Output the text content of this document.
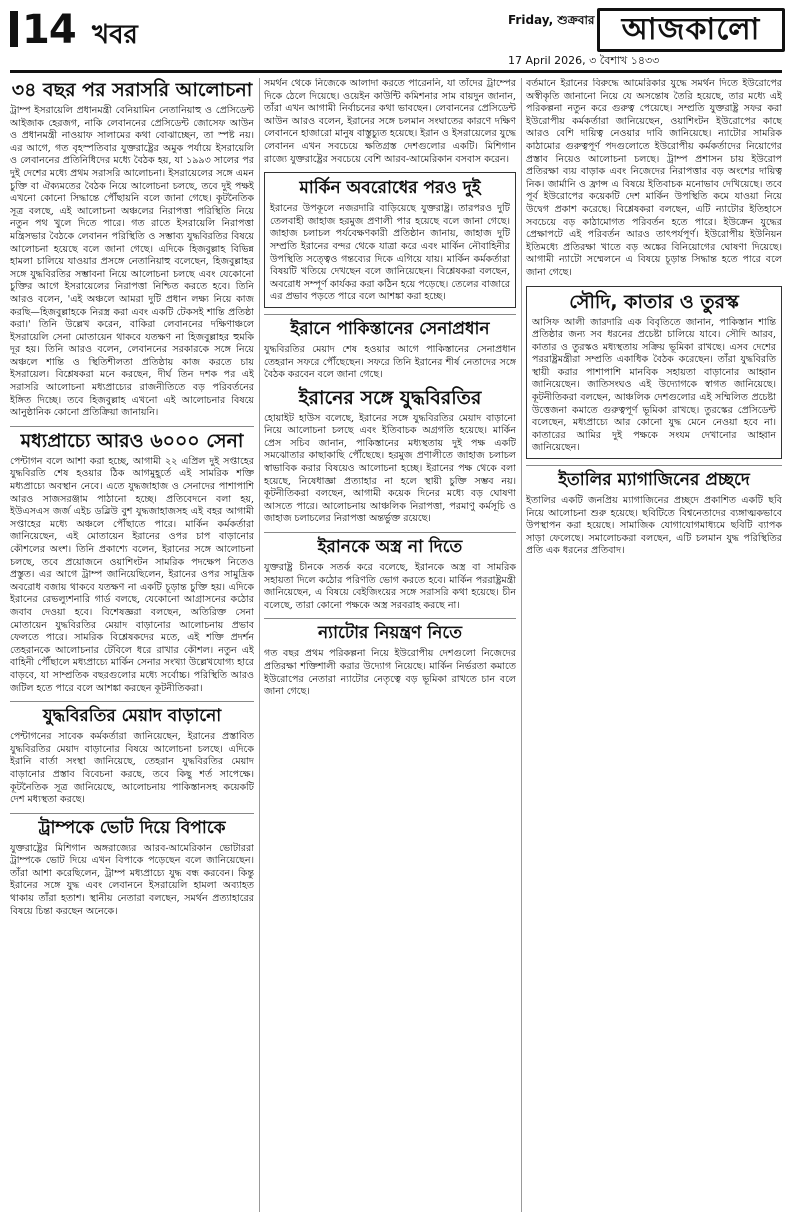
14 খবর	Friday, শুক্রবার
17 April 2026, ৩ বৈশাখ ১৪৩৩
আজকালো
৩৪ বছর পর সরাসরি আলোচনা

ট্রাম্প ইসরায়েলি প্রধানমন্ত্রী বেনিয়ামিন নেতানিয়াহু ও প্রেসিডেন্ট আইজাক হেরজগ, নাকি লেবাননের প্রেসিডেন্ট জোসেফ আউন ও প্রধানমন্ত্রী নাওয়াফ সালামের কথা বোঝাচ্ছেন, তা স্পষ্ট নয়। এর আগে, গত বৃহস্পতিবার যুক্তরাষ্ট্রের অমুক পর্যায়ে ইসরায়েলি ও লেবাননের প্রতিনিধিদের মধ্যে বৈঠক হয়, যা ১৯৯৩ সালের পর দুই দেশের মধ্যে প্রথম সরাসরি আলোচনা। ইসরায়েলের সঙ্গে এমন চুক্তি বা ঐক্যমতের বৈঠক নিয়ে আলোচনা চলছে, তবে দুই পক্ষই এখনো কোনো সিদ্ধান্তে পৌঁছায়নি বলে জানা গেছে। কূটনৈতিক সূত্র বলছে, এই আলোচনা অঞ্চলের নিরাপত্তা পরিস্থিতি নিয়ে নতুন পথ খুলে দিতে পারে। গত রাতে ইসরায়েলি নিরাপত্তা মন্ত্রিসভার বৈঠকে লেবানন পরিস্থিতি ও সম্ভাব্য যুদ্ধবিরতির বিষয়ে আলোচনা হয়েছে বলে জানা গেছে। এদিকে হিজবুল্লাহ বিভিন্ন হামলা চালিয়ে যাওয়ার প্রসঙ্গে নেতানিয়াহু বলেছেন, হিজবুল্লাহর সঙ্গে যুদ্ধবিরতির সম্ভাবনা নিয়ে আলোচনা চলছে এবং যেকোনো চুক্তির আগে ইসরায়েলের নিরাপত্তা নিশ্চিত করতে হবে। তিনি আরও বলেন, 'এই অঞ্চলে আমরা দুটি প্রধান লক্ষ্য নিয়ে কাজ করছি—হিজবুল্লাহকে নিরস্ত্র করা এবং একটি টেকসই শান্তি প্রতিষ্ঠা করা।' তিনি উল্লেখ করেন, বাকিরা লেবাননের দক্ষিণাঞ্চলে ইসরায়েলি সেনা মোতায়েন থাকবে যতক্ষণ না হিজবুল্লাহর হুমকি দূর হয়। তিনি আরও বলেন, লেবাননের সরকারকে সঙ্গে নিয়ে অঞ্চলে শান্তি ও স্থিতিশীলতা প্রতিষ্ঠায় কাজ করতে চায় ইসরায়েল। বিশ্লেষকরা মনে করছেন, দীর্ঘ তিন দশক পর এই সরাসরি আলোচনা মধ্যপ্রাচ্যের রাজনীতিতে বড় পরিবর্তনের ইঙ্গিত দিচ্ছে। তবে হিজবুল্লাহ এখনো এই আলোচনার বিষয়ে আনুষ্ঠানিক কোনো প্রতিক্রিয়া জানায়নি।

মধ্যপ্রাচ্যে আরও ৬০০০ সেনা

পেন্টাগন বলে আশা করা হচ্ছে, আগামী ২২ এপ্রিল দুই সপ্তাহের যুদ্ধবিরতি শেষ হওয়ার ঠিক আগমুহূর্তে এই সামরিক শক্তি মধ্যপ্রাচ্যে অবস্থান নেবে। এতে যুদ্ধজাহাজ ও সেনাদের পাশাপাশি আরও সাজসরঞ্জাম পাঠানো হচ্ছে। প্রতিবেদনে বলা হয়, ইউএসএস জর্জ এইচ ডব্লিউ বুশ যুদ্ধজাহাজসহ এই বহর আগামী সপ্তাহের মধ্যে অঞ্চলে পৌঁছাতে পারে। মার্কিন কর্মকর্তারা জানিয়েছেন, এই মোতায়েন ইরানের ওপর চাপ বাড়ানোর কৌশলের অংশ। তিনি প্রকাশ্যে বলেন, ইরানের সঙ্গে আলোচনা চলছে, তবে প্রয়োজনে ওয়াশিংটন সামরিক পদক্ষেপ নিতেও প্রস্তুত। এর আগে ট্রাম্প জানিয়েছিলেন, ইরানের ওপর সামুদ্রিক অবরোধ বজায় থাকবে যতক্ষণ না একটি চূড়ান্ত চুক্তি হয়। এদিকে ইরানের রেভল্যুশনারি গার্ড বলছে, যেকোনো আগ্রাসনের কঠোর জবাব দেওয়া হবে। বিশেষজ্ঞরা বলছেন, অতিরিক্ত সেনা মোতায়েন যুদ্ধবিরতির মেয়াদ বাড়ানোর আলোচনায় প্রভাব ফেলতে পারে। সামরিক বিশ্লেষকদের মতে, এই শক্তি প্রদর্শন তেহরানকে আলোচনার টেবিলে ধরে রাখার কৌশল। নতুন এই বাহিনী পৌঁছালে মধ্যপ্রাচ্যে মার্কিন সেনার সংখ্যা উল্লেখযোগ্য হারে বাড়বে, যা সাম্প্রতিক বছরগুলোর মধ্যে সর্বোচ্চ। পরিস্থিতি আরও জটিল হতে পারে বলে আশঙ্কা করছেন কূটনীতিকরা।

যুদ্ধবিরতির মেয়াদ বাড়ানো

পেন্টাগনের সাবেক কর্মকর্তারা জানিয়েছেন, ইরানের প্রস্তাবিত যুদ্ধবিরতির মেয়াদ বাড়ানোর বিষয়ে আলোচনা চলছে। এদিকে ইরানি বার্তা সংস্থা জানিয়েছে, তেহরান যুদ্ধবিরতির মেয়াদ বাড়ানোর প্রস্তাব বিবেচনা করছে, তবে কিছু শর্ত সাপেক্ষে। কূটনৈতিক সূত্র জানিয়েছে, আলোচনায় পাকিস্তানসহ কয়েকটি দেশ মধ্যস্থতা করছে।

ট্রাম্পকে ভোট দিয়ে বিপাকে

যুক্তরাষ্ট্রের মিশিগান অঙ্গরাজ্যের আরব-আমেরিকান ভোটাররা ট্রাম্পকে ভোট দিয়ে এখন বিপাকে পড়েছেন বলে জানিয়েছেন। তাঁরা আশা করেছিলেন, ট্রাম্প মধ্যপ্রাচ্যে যুদ্ধ বন্ধ করবেন। কিন্তু ইরানের সঙ্গে যুদ্ধ এবং লেবাননে ইসরায়েলি হামলা অব্যাহত থাকায় তাঁরা হতাশ। স্থানীয় নেতারা বলছেন, সমর্থন প্রত্যাহারের বিষয়ে চিন্তা করছেন অনেকে।

সমর্থন থেকে নিজেকে আলাদা করতে পারেননি, যা তাঁদের ট্রাম্পের দিকে ঠেলে দিয়েছে। ওয়েইন কাউন্টি কমিশনার সাম বায়দুন জানান, তাঁরা এখন আগামী নির্বাচনের কথা ভাবছেন। লেবাননের প্রেসিডেন্ট আউন আরও বলেন, ইরানের সঙ্গে চলমান সংঘাতের কারণে দক্ষিণ লেবাননে হাজারো মানুষ বাস্তুচ্যুত হয়েছে। ইরান ও ইসরায়েলের যুদ্ধে লেবানন এখন সবচেয়ে ক্ষতিগ্রস্ত দেশগুলোর একটি। মিশিগান রাজ্যে যুক্তরাষ্ট্রের সবচেয়ে বেশি আরব-আমেরিকান বসবাস করেন।

মার্কিন অবরোধের পরও দুই

ইরানের উপকূলে নজরদারি বাড়িয়েছে যুক্তরাষ্ট্র। তারপরও দুটি তেলবাহী জাহাজ হরমুজ প্রণালী পার হয়েছে বলে জানা গেছে। জাহাজ চলাচল পর্যবেক্ষণকারী প্রতিষ্ঠান জানায়, জাহাজ দুটি সম্প্রতি ইরানের বন্দর থেকে যাত্রা করে এবং মার্কিন নৌবাহিনীর উপস্থিতি সত্ত্বেও গন্তব্যের দিকে এগিয়ে যায়। মার্কিন কর্মকর্তারা বিষয়টি খতিয়ে দেখছেন বলে জানিয়েছেন। বিশ্লেষকরা বলছেন, অবরোধ সম্পূর্ণ কার্যকর করা কঠিন হয়ে পড়েছে। তেলের বাজারে এর প্রভাব পড়তে পারে বলে আশঙ্কা করা হচ্ছে।

ইরানে পাকিস্তানের সেনাপ্রধান

যুদ্ধবিরতির মেয়াদ শেষ হওয়ার আগে পাকিস্তানের সেনাপ্রধান তেহরান সফরে পৌঁছেছেন। সফরে তিনি ইরানের শীর্ষ নেতাদের সঙ্গে বৈঠক করবেন বলে জানা গেছে।

ইরানের সঙ্গে যুদ্ধবিরতির

হোয়াইট হাউস বলেছে, ইরানের সঙ্গে যুদ্ধবিরতির মেয়াদ বাড়ানো নিয়ে আলোচনা চলছে এবং ইতিবাচক অগ্রগতি হয়েছে। মার্কিন প্রেস সচিব জানান, পাকিস্তানের মধ্যস্থতায় দুই পক্ষ একটি সমঝোতার কাছাকাছি পৌঁছেছে। হরমুজ প্রণালীতে জাহাজ চলাচল স্বাভাবিক করার বিষয়েও আলোচনা হচ্ছে। ইরানের পক্ষ থেকে বলা হয়েছে, নিষেধাজ্ঞা প্রত্যাহার না হলে স্থায়ী চুক্তি সম্ভব নয়। কূটনীতিকরা বলছেন, আগামী কয়েক দিনের মধ্যে বড় ঘোষণা আসতে পারে। আলোচনায় আঞ্চলিক নিরাপত্তা, পরমাণু কর্মসূচি ও জাহাজ চলাচলের নিরাপত্তা অন্তর্ভুক্ত রয়েছে।

ইরানকে অস্ত্র না দিতে

যুক্তরাষ্ট্র চীনকে সতর্ক করে বলেছে, ইরানকে অস্ত্র বা সামরিক সহায়তা দিলে কঠোর পরিণতি ভোগ করতে হবে। মার্কিন পররাষ্ট্রমন্ত্রী জানিয়েছেন, এ বিষয়ে বেইজিংয়ের সঙ্গে সরাসরি কথা হয়েছে। চীন বলেছে, তারা কোনো পক্ষকে অস্ত্র সরবরাহ করছে না।

ন্যাটোর নিয়ন্ত্রণ নিতে

গত বছর প্রথম পরিকল্পনা নিয়ে ইউরোপীয় দেশগুলো নিজেদের প্রতিরক্ষা শক্তিশালী করার উদ্যোগ নিয়েছে। মার্কিন নির্ভরতা কমাতে ইউরোপের নেতারা ন্যাটোর নেতৃত্বে বড় ভূমিকা রাখতে চান বলে জানা গেছে।

বর্তমানে ইরানের বিরুদ্ধে আমেরিকার যুদ্ধে সমর্থন দিতে ইউরোপের অস্বীকৃতি জানানো নিয়ে যে অসন্তোষ তৈরি হয়েছে, তার মধ্যে এই পরিকল্পনা নতুন করে গুরুত্ব পেয়েছে। সম্প্রতি যুক্তরাষ্ট্র সফর করা ইউরোপীয় কর্মকর্তারা জানিয়েছেন, ওয়াশিংটন ইউরোপের কাছে আরও বেশি দায়িত্ব নেওয়ার দাবি জানিয়েছে। ন্যাটোর সামরিক কাঠামোর গুরুত্বপূর্ণ পদগুলোতে ইউরোপীয় কর্মকর্তাদের নিয়োগের প্রস্তাব নিয়েও আলোচনা চলছে। ট্রাম্প প্রশাসন চায় ইউরোপ প্রতিরক্ষা ব্যয় বাড়াক এবং নিজেদের নিরাপত্তার বড় অংশের দায়িত্ব নিক। জার্মানি ও ফ্রান্স এ বিষয়ে ইতিবাচক মনোভাব দেখিয়েছে। তবে পূর্ব ইউরোপের কয়েকটি দেশ মার্কিন উপস্থিতি কমে যাওয়া নিয়ে উদ্বেগ প্রকাশ করেছে। বিশ্লেষকরা বলছেন, এটি ন্যাটোর ইতিহাসে সবচেয়ে বড় কাঠামোগত পরিবর্তন হতে পারে। ইউক্রেন যুদ্ধের প্রেক্ষাপটে এই পরিবর্তন আরও তাৎপর্যপূর্ণ। ইউরোপীয় ইউনিয়ন ইতিমধ্যে প্রতিরক্ষা খাতে বড় অঙ্কের বিনিয়োগের ঘোষণা দিয়েছে। আগামী ন্যাটো সম্মেলনে এ বিষয়ে চূড়ান্ত সিদ্ধান্ত হতে পারে বলে জানা গেছে।

সৌদি, কাতার ও তুরস্ক

আসিফ আলী জারদারি এক বিবৃতিতে জানান, পাকিস্তান শান্তি প্রতিষ্ঠার জন্য সব ধরনের প্রচেষ্টা চালিয়ে যাবে। সৌদি আরব, কাতার ও তুরস্কও মধ্যস্থতায় সক্রিয় ভূমিকা রাখছে। এসব দেশের পররাষ্ট্রমন্ত্রীরা সম্প্রতি একাধিক বৈঠক করেছেন। তাঁরা যুদ্ধবিরতি স্থায়ী করার পাশাপাশি মানবিক সহায়তা বাড়ানোর আহ্বান জানিয়েছেন। জাতিসংঘও এই উদ্যোগকে স্বাগত জানিয়েছে। কূটনীতিকরা বলছেন, আঞ্চলিক দেশগুলোর এই সম্মিলিত প্রচেষ্টা উত্তেজনা কমাতে গুরুত্বপূর্ণ ভূমিকা রাখছে। তুরস্কের প্রেসিডেন্ট বলেছেন, মধ্যপ্রাচ্যে আর কোনো যুদ্ধ মেনে নেওয়া হবে না। কাতারের আমির দুই পক্ষকে সংযম দেখানোর আহ্বান জানিয়েছেন।

ইতালির ম্যাগাজিনের প্রচ্ছদে

ইতালির একটি জনপ্রিয় ম্যাগাজিনের প্রচ্ছদে প্রকাশিত একটি ছবি নিয়ে আলোচনা শুরু হয়েছে। ছবিটিতে বিশ্বনেতাদের ব্যঙ্গাত্মকভাবে উপস্থাপন করা হয়েছে। সামাজিক যোগাযোগমাধ্যমে ছবিটি ব্যাপক সাড়া ফেলেছে। সমালোচকরা বলছেন, এটি চলমান যুদ্ধ পরিস্থিতির প্রতি এক ধরনের প্রতিবাদ।
